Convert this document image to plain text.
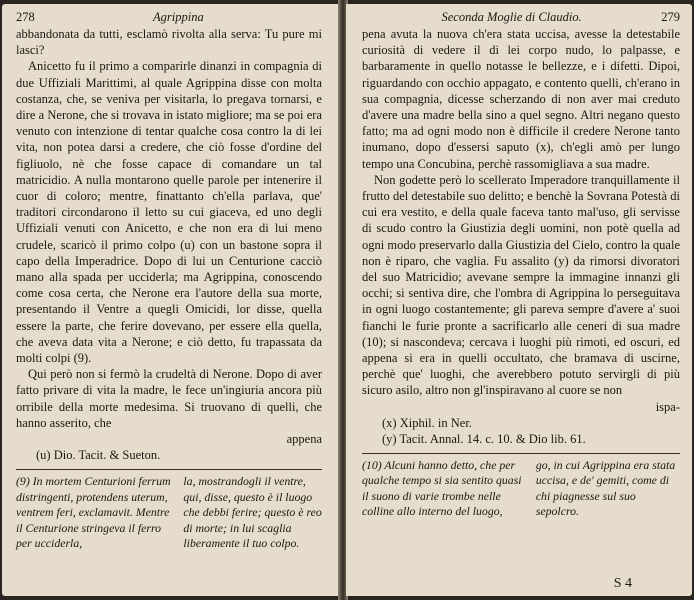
278	Agrippina

abbandonata da tutti, esclamò rivolta alla serva: Tu pure mi lasci?

Anicetto fu il primo a comparirle dinanzi in compagnia di due Uffiziali Marittimi, al quale Agrippina disse con molta costanza, che, se veniva per visitarla, lo pregava tornarsi, e dire a Nerone, che si trovava in istato migliore; ma se poi era venuto con intenzione di tentar qualche cosa contro la di lei vita, non potea darsi a credere, che ciò fosse d'ordine del figliuolo, nè che fosse capace di comandare un tal matricidio. A nulla montarono quelle parole per intenerire il cuor di coloro; mentre, finattanto ch'ella parlava, que' traditori circondarono il letto su cui giaceva, ed uno degli Uffiziali venuti con Anicetto, e che non era di lui meno crudele, scaricò il primo colpo (u) con un bastone sopra il capo della Imperadrice. Dopo di lui un Centurione cacciò mano alla spada per ucciderla; ma Agrippina, conoscendo come cosa certa, che Nerone era l'autore della sua morte, presentando il Ventre a quegli Omicidi, lor disse, quella essere la parte, che ferire dovevano, per essere ella quella, che aveva data vita a Nerone; e ciò detto, fu trapassata da molti colpi (9).

Qui però non si fermò la crudeltà di Nerone. Dopo di aver fatto privare di vita la madre, le fece un'ingiuria ancora più orribile della morte medesima. Si truovano di quelli, che hanno asserito, che

appena
(u) Dio. Tacit. & Sueton.
(9) In mortem Centurioni ferrum distringenti, protendens uterum, ventrem feri, exclamavit. Mentre il Centurione stringeva il ferro per ucciderla,
la, mostrandogli il ventre, qui, disse, questo è il luogo che debbi ferire; questo è reo di morte; in lui scaglia liberamente il tuo colpo.
Seconda Moglie di Claudio.	279

pena avuta la nuova ch'era stata uccisa, avesse la detestabile curiosità di vedere il di lei corpo nudo, lo palpasse, e barbaramente in quello notasse le bellezze, e i difetti. Dipoi, riguardando con occhio appagato, e contento quelli, ch'erano in sua compagnia, dicesse scherzando di non aver mai creduto d'avere una madre bella sino a quel segno. Altri negano questo fatto; ma ad ogni modo non è difficile il credere Nerone tanto inumano, dopo d'essersi saputo (x), ch'egli amò per lungo tempo una Concubina, perchè rassomigliava a sua madre.

Non godette però lo scellerato Imperadore tranquillamente il frutto del detestabile suo delitto; e benchè la Sovrana Potestà di cui era vestito, e della quale faceva tanto mal'uso, gli servisse di scudo contro la Giustizia degli uomini, non potè quella ad ogni modo preservarlo dalla Giustizia del Cielo, contro la quale non è riparo, che vaglia. Fu assalito (y) da rimorsi divoratori del suo Matricidio; avevane sempre la immagine innanzi gli occhi; si sentiva dire, che l'ombra di Agrippina lo perseguitava in ogni luogo costantemente; gli pareva sempre d'avere a' suoi fianchi le furie pronte a sacrificarlo alle ceneri di sua madre (10); si nascondeva; cercava i luoghi più rimoti, ed oscuri, ed appena si era in quelli occultato, che bramava di uscirne, perchè que' luoghi, che averebbero potuto servirgli di più sicuro asilo, altro non gl'inspiravano al cuore se non

ispa-
(x) Xiphil. in Ner.
(y) Tacit. Annal. 14. c. 10. & Dio lib. 61.
(10) Alcuni hanno detto, che per qualche tempo si sia sentito quasi il suono di varie trombe nelle colline allo interno del luogo,
go, in cui Agrippina era stata uccisa, e de' gemiti, come di chi piagnesse sul suo sepolcro.
S 4
